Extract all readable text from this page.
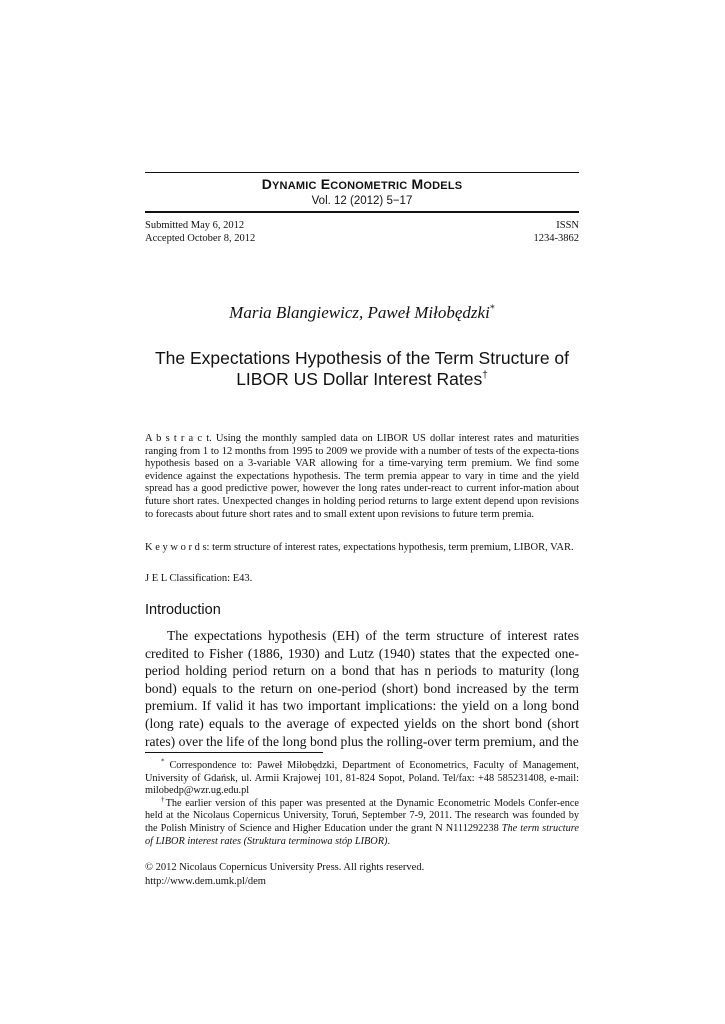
DYNAMIC ECONOMETRIC MODELS
Vol. 12 (2012) 5−17
Submitted May 6, 2012
Accepted October 8, 2012
ISSN
1234-3862
Maria Blangiewicz, Paweł Miłobędzki*
The Expectations Hypothesis of the Term Structure of
LIBOR US Dollar Interest Rates†
A b s t r a c t. Using the monthly sampled data on LIBOR US dollar interest rates and maturities ranging from 1 to 12 months from 1995 to 2009 we provide with a number of tests of the expecta-tions hypothesis based on a 3-variable VAR allowing for a time-varying term premium. We find some evidence against the expectations hypothesis. The term premia appear to vary in time and the yield spread has a good predictive power, however the long rates under-react to current infor-mation about future short rates. Unexpected changes in holding period returns to large extent depend upon revisions to forecasts about future short rates and to small extent upon revisions to future term premia.
K e y w o r d s: term structure of interest rates, expectations hypothesis, term premium, LIBOR, VAR.
J E L Classification: E43.
Introduction
The expectations hypothesis (EH) of the term structure of interest rates credited to Fisher (1886, 1930) and Lutz (1940) states that the expected one-period holding period return on a bond that has n periods to maturity (long bond) equals to the return on one-period (short) bond increased by the term premium. If valid it has two important implications: the yield on a long bond (long rate) equals to the average of expected yields on the short bond (short rates) over the life of the long bond plus the rolling-over term premium, and the

* Correspondence to: Paweł Miłobędzki, Department of Econometrics, Faculty of Management, University of Gdańsk, ul. Armii Krajowej 101, 81-824 Sopot, Poland. Tel/fax: +48 585231408, e-mail: milobedp@wzr.ug.edu.pl

†The earlier version of this paper was presented at the Dynamic Econometric Models Confer-ence held at the Nicolaus Copernicus University, Toruń, September 7-9, 2011. The research was founded by the Polish Ministry of Science and Higher Education under the grant N N111292238 The term structure of LIBOR interest rates (Struktura terminowa stóp LIBOR).

© 2012 Nicolaus Copernicus University Press. All rights reserved.
http://www.dem.umk.pl/dem
